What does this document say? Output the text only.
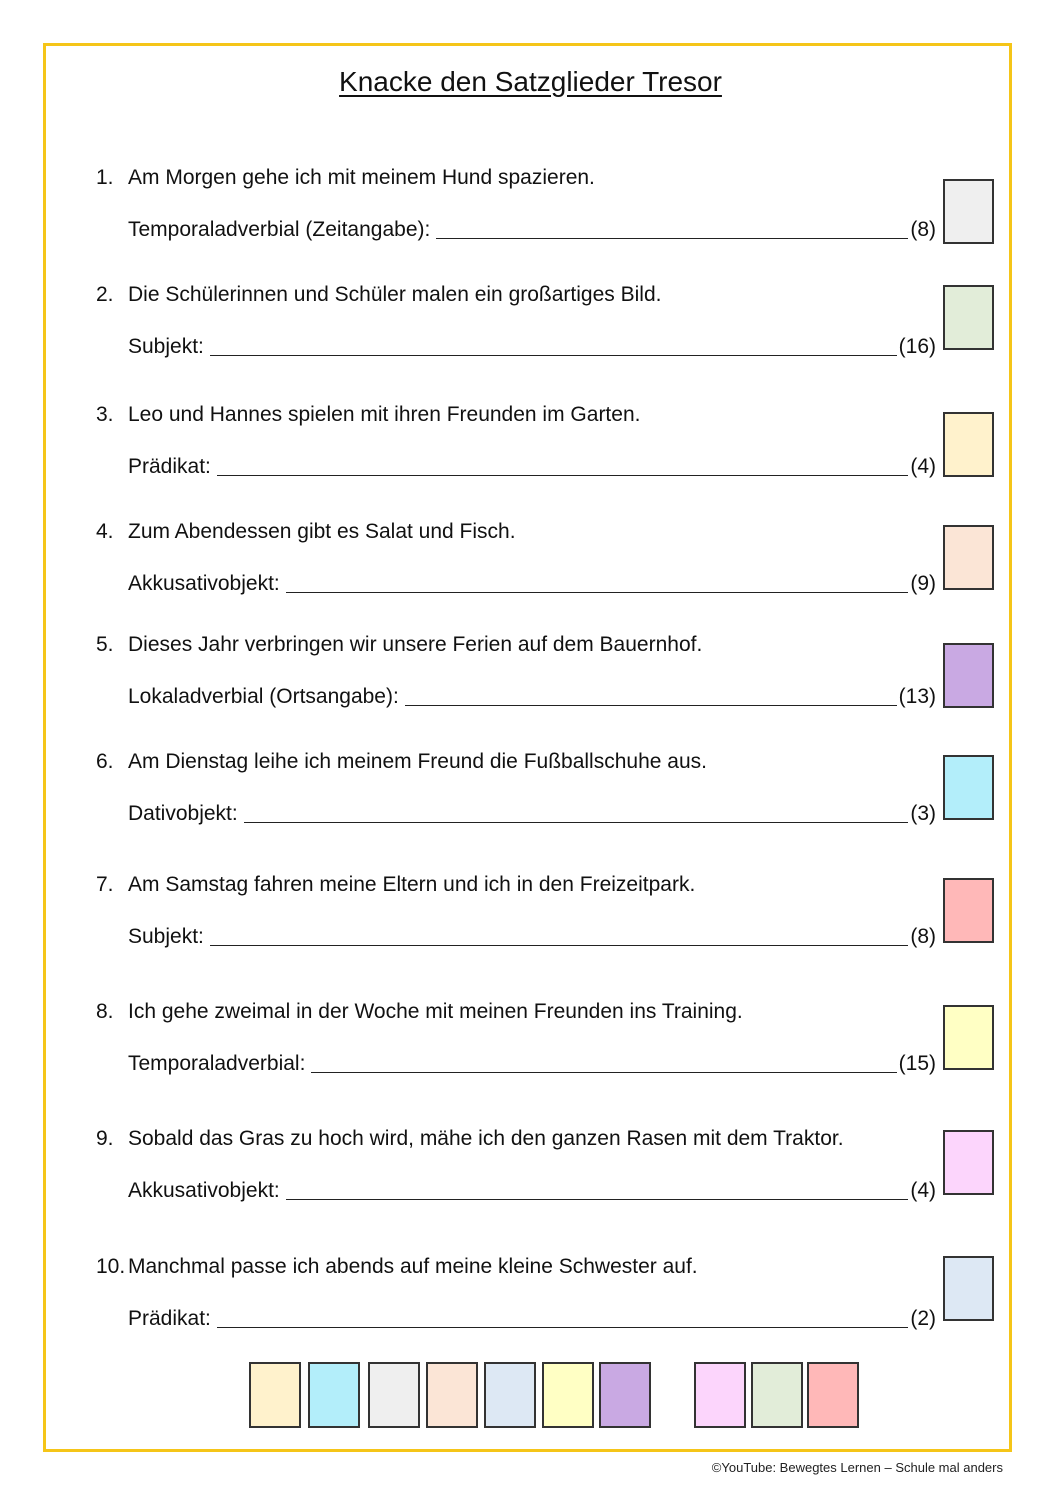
Knacke den Satzglieder Tresor
1. Am Morgen gehe ich mit meinem Hund spazieren.
Temporaladverbial (Zeitangabe):	(8)
2. Die Schülerinnen und Schüler malen ein großartiges Bild.
Subjekt:	(16)
3. Leo und Hannes spielen mit ihren Freunden im Garten.
Prädikat:	(4)
4. Zum Abendessen gibt es Salat und Fisch.
Akkusativobjekt:	(9)
5. Dieses Jahr verbringen wir unsere Ferien auf dem Bauernhof.
Lokaladverbial (Ortsangabe):	(13)
6. Am Dienstag leihe ich meinem Freund die Fußballschuhe aus.
Dativobjekt:	(3)
7. Am Samstag fahren meine Eltern und ich in den Freizeitpark.
Subjekt:	(8)
8. Ich gehe zweimal in der Woche mit meinen Freunden ins Training.
Temporaladverbial:	(15)
9. Sobald das Gras zu hoch wird, mähe ich den ganzen Rasen mit dem Traktor.
Akkusativobjekt:	(4)
10. Manchmal passe ich abends auf meine kleine Schwester auf.
Prädikat:	(2)
©YouTube: Bewegtes Lernen – Schule mal anders
